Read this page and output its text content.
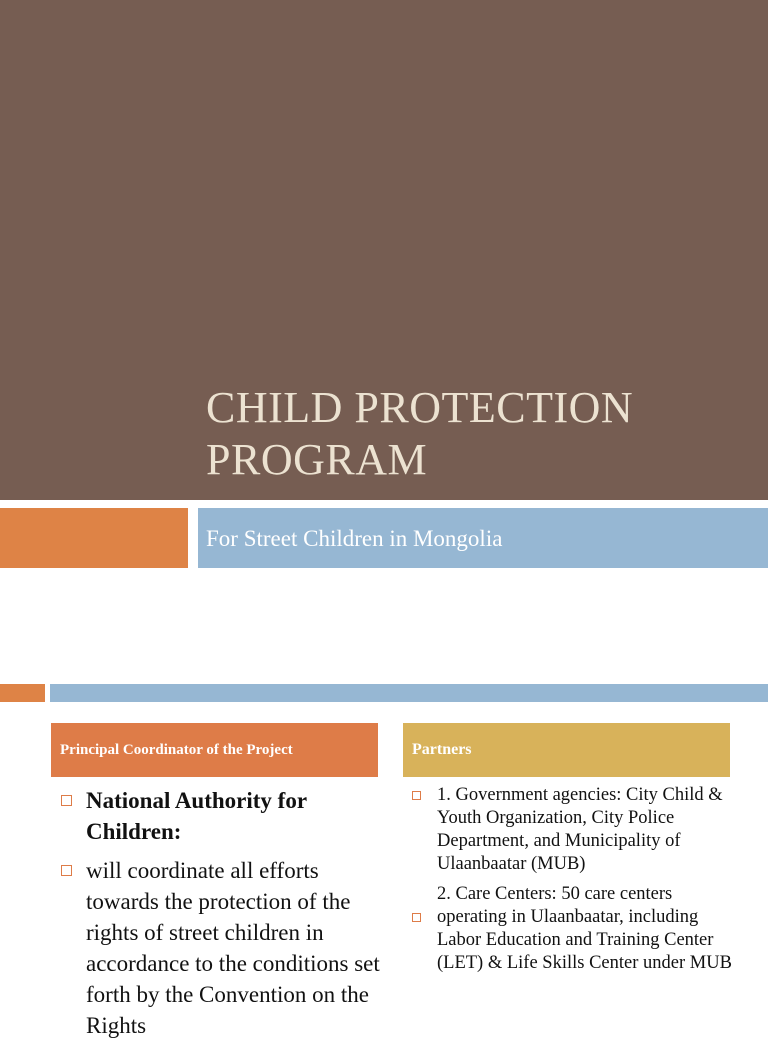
CHILD PROTECTION
PROGRAM
For Street Children in Mongolia
Principal Coordinator of the Project	Partners
National Authority for Children:
will coordinate all efforts towards the protection of the rights of street children in accordance to the conditions set forth by the Convention on the Rights
1. Government agencies: City Child & Youth Organization, City Police Department, and Municipality of Ulaanbaatar (MUB)
2. Care Centers: 50 care centers operating in Ulaanbaatar, including Labor Education and Training Center (LET) & Life Skills Center under MUB
